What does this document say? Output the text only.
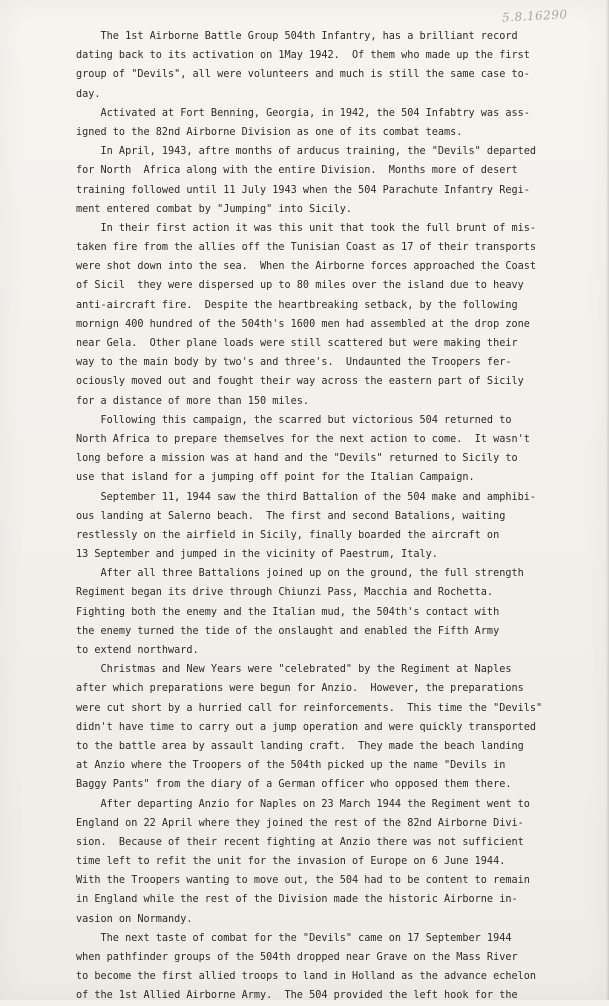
5.8.16290
The 1st Airborne Battle Group 504th Infantry, has a brilliant record
dating back to its activation on 1May 1942.  Of them who made up the first
group of "Devils", all were volunteers and much is still the same case to-
day.
Activated at Fort Benning, Georgia, in 1942, the 504 Infabtry was ass-
igned to the 82nd Airborne Division as one of its combat teams.
In April, 1943, aftre months of arducus training, the "Devils" departed
for North  Africa along with the entire Division.  Months more of desert
training followed until 11 July 1943 when the 504 Parachute Infantry Regi-
ment entered combat by "Jumping" into Sicily.
In their first action it was this unit that took the full brunt of mis-
taken fire from the allies off the Tunisian Coast as 17 of their transports
were shot down into the sea.  When the Airborne forces approached the Coast
of Sicil  they were dispersed up to 80 miles over the island due to heavy
anti-aircraft fire.  Despite the heartbreaking setback, by the following
mornign 400 hundred of the 504th's 1600 men had assembled at the drop zone
near Gela.  Other plane loads were still scattered but were making their
way to the main body by two's and three's.  Undaunted the Troopers fer-
ociously moved out and fought their way across the eastern part of Sicily
for a distance of more than 150 miles.
Following this campaign, the scarred but victorious 504 returned to
North Africa to prepare themselves for the next action to come.  It wasn't
long before a mission was at hand and the "Devils" returned to Sicily to
use that island for a jumping off point for the Italian Campaign.
September 11, 1944 saw the third Battalion of the 504 make and amphibi-
ous landing at Salerno beach.  The first and second Batalions, waiting
restlessly on the airfield in Sicily, finally boarded the aircraft on
13 September and jumped in the vicinity of Paestrum, Italy.
After all three Battalions joined up on the ground, the full strength
Regiment began its drive through Chiunzi Pass, Macchia and Rochetta.
Fighting both the enemy and the Italian mud, the 504th's contact with
the enemy turned the tide of the onslaught and enabled the Fifth Army
to extend northward.
Christmas and New Years were "celebrated" by the Regiment at Naples
after which preparations were begun for Anzio.  However, the preparations
were cut short by a hurried call for reinforcements.  This time the "Devils"
didn't have time to carry out a jump operation and were quickly transported
to the battle area by assault landing craft.  They made the beach landing
at Anzio where the Troopers of the 504th picked up the name "Devils in
Baggy Pants" from the diary of a German officer who opposed them there.
After departing Anzio for Naples on 23 March 1944 the Regiment went to
England on 22 April where they joined the rest of the 82nd Airborne Divi-
sion.  Because of their recent fighting at Anzio there was not sufficient
time left to refit the unit for the invasion of Europe on 6 June 1944.
With the Troopers wanting to move out, the 504 had to be content to remain
in England while the rest of the Division made the historic Airborne in-
vasion on Normandy.
The next taste of combat for the "Devils" came on 17 September 1944
when pathfinder groups of the 504th dropped near Grave on the Mass River
to become the first allied troops to land in Holland as the advance echelon
of the 1st Allied Airborne Army.  The 504 provided the left hook for the
